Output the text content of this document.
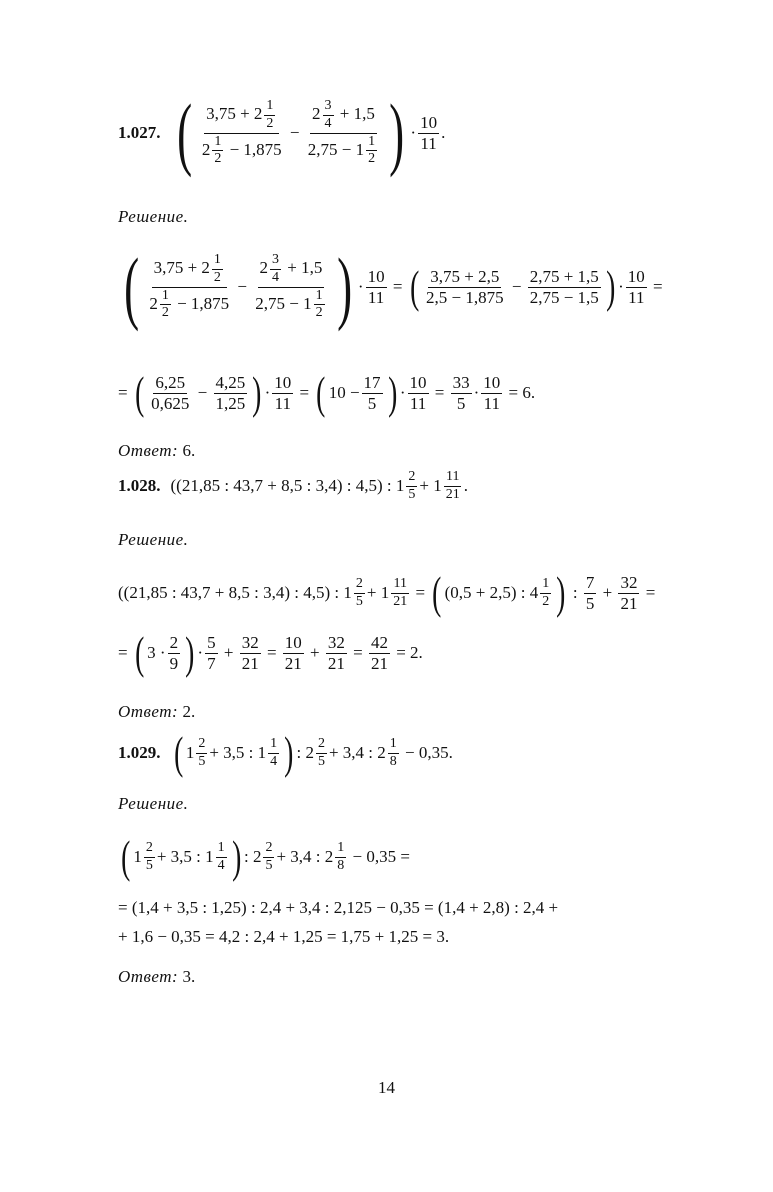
1.027. ( $3,75 + 2 \frac{1}{2}$
$2 \frac{1}{2} - 1,875$
− $\frac{2 \frac{3}{4} + 1,5}{2,75 - 1 \frac{1}{2}}$ ) ·
10
11
.
Решение.
( $3,75 + 2 \frac{1}{2}$
$2 \frac{1}{2} - 1,875$
− $\frac{2 \frac{3}{4} + 1,5}{2,75 - 1 \frac{1}{2}}$ ) · $\frac{10}{11}$ = ( 3,75 + 2,5
2,5 − 1,875
− $\frac{2,75 + 1,5}{2,75 - 1,5}$ ) · $\frac{10}{11}$ =
= ( 6,25
0,625
− $\frac{4,25}{1,25}$ ) · $\frac{10}{11}$ = ( $10 - \frac{17}{5}$ ) · $\frac{10}{11} = \frac{33}{5}$ ·
10
11

= 6.
Ответ: 6.
1.028. ((21,85 : 43,7 + 8,5 : 3,4) : 4,5) : 1 2
5 + 1 11
21 .
Решение.
((21,85 : 43,7 + 8,5 : 3,4) : 4,5) : 1 2
$5 + 1 \frac{11}{21}$ = ( (0,5 + 2,5) : 4 1
2 ) :
7
5
+ $\frac{32}{21}$ =
= ( 3 ·
2
9 ) ·
5
7
+ $\frac{32}{21} = \frac{10}{21} + \frac{32}{21} = \frac{42}{21}$
= 2.
Ответ: 2.
1.029. ( 1 2
5 + 3,5 : 1 1
4 ) : 2 2
5 + 3,4 : 2 1
8
− 0,35.
Решение.
( 1 2
5 + 3,5 : 1 1
4 ) : 2 2
5 + 3,4 : 2 1
8
− 0,35 =
= (1,4 + 3,5 : 1,25) : 2,4 + 3,4 : 2,125 − 0,35 = (1,4 + 2,8) : 2,4 +
+ 1,6 − 0,35 = 4,2 : 2,4 + 1,25 = 1,75 + 1,25 = 3.
Ответ: 3.
14
